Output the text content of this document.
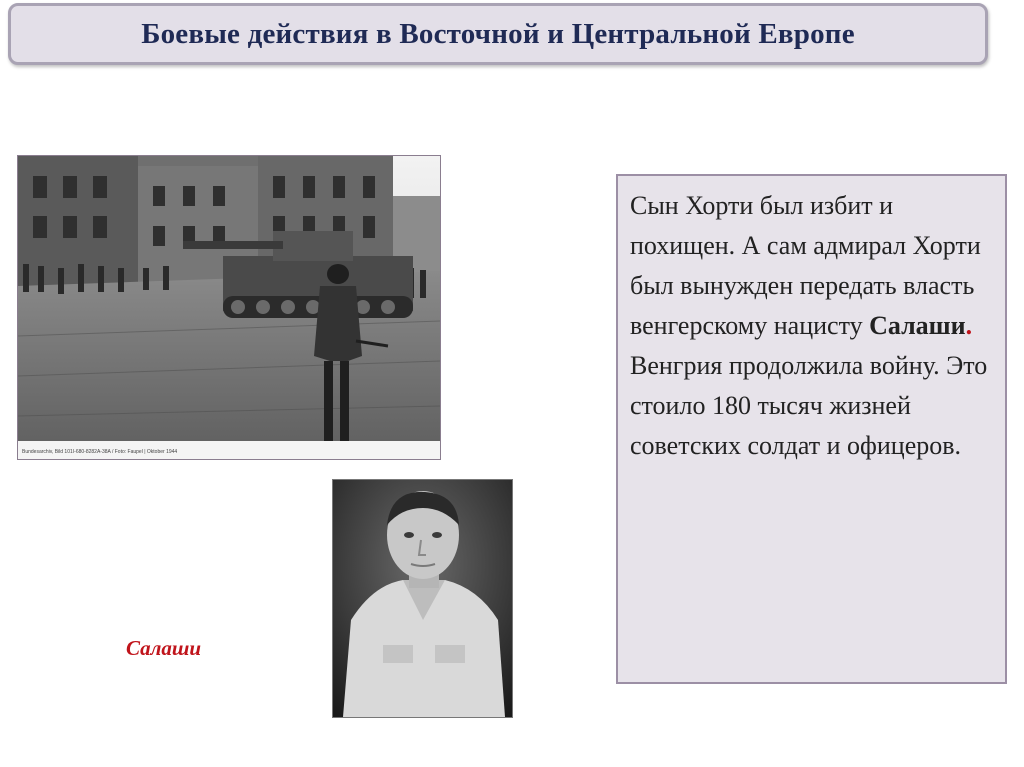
Боевые действия в Восточной и Центральной Европе
Bundesarchiv, Bild 101I-680-8282A-38A / Foto: Faupel | Oktober 1944
Салаши
Сын Хорти был избит и похищен. А сам адмирал Хорти был вынужден передать власть венгерскому нацисту Салаши. Венгрия продолжила войну. Это стоило 180 тысяч жизней советских солдат и офицеров.
